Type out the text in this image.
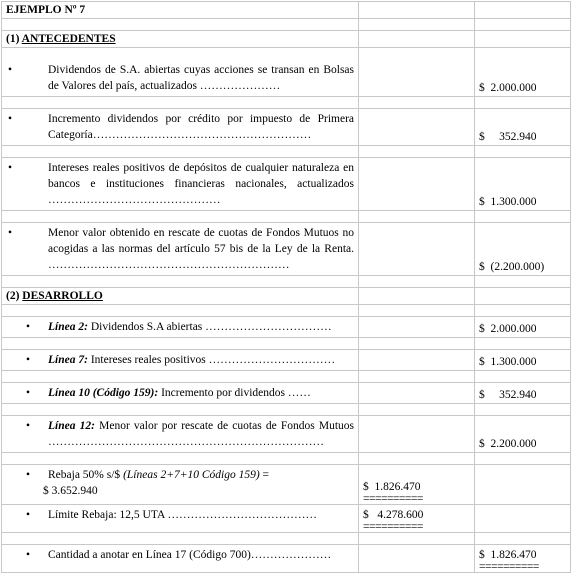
EJEMPLO Nº 7		

(1) ANTECEDENTES		

• Dividendos de S.A. abiertas cuyas acciones se transan en Bolsas de Valores del país, actualizados …………………		$  2.000.000

• Incremento dividendos por crédito por impuesto de Primera Categoría…………………………………………………		$     352.940

• Intereses reales positivos de depósitos de cualquier naturaleza en bancos e instituciones financieras nacionales, actualizados ………………………………………		$  1.300.000

• Menor valor obtenido en rescate de cuotas de Fondos Mutuos no acogidas a las normas del artículo 57 bis de la Ley de la Renta. ………………………………………………………		$  (2.200.000)

(2) DESARROLLO		

• Línea 2: Dividendos S.A abiertas ……………………………		$  2.000.000

• Línea 7: Intereses reales positivos ……………………………		$  1.300.000

• Línea 10 (Código 159): Incremento por dividendos ……		$     352.940

• Línea 12: Menor valor por rescate de cuotas de Fondos Mutuos ………………………………………………………………		$  2.200.000

• Rebaja 50% s/$ (Líneas 2+7+10 Código 159) =
$ 3.652.940	$  1.826.470
==========	

• Límite Rebaja: 12,5 UTA …………………………………	$   4.278.600
==========	

• Cantidad a anotar en Línea 17 (Código 700)…………………		$  1.826.470
==========
